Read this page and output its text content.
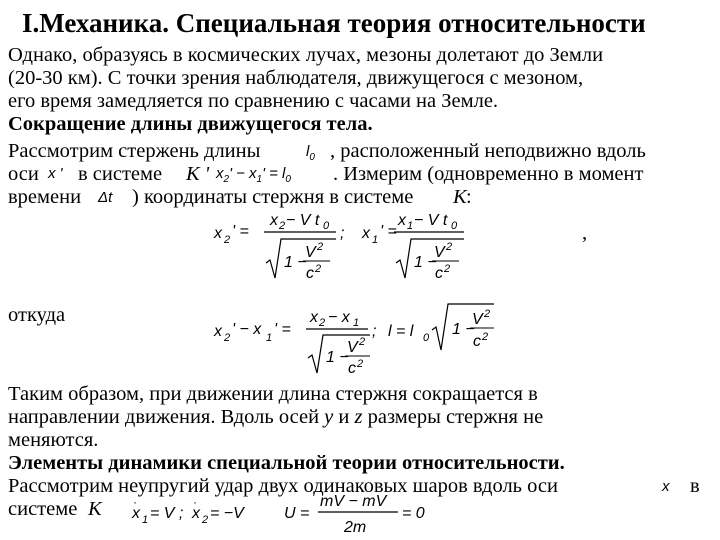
I.Механика. Специальная теория относительности
Однако, образуясь в космических лучах, мезоны долетают до Земли
(20-30 км). С точки зрения наблюдателя, движущегося с мезоном,
его время замедляется по сравнению с часами на Земле.
Сокращение длины движущегося тела.
Рассмотрим стержень длины	$l_0$ , расположенный неподвижно вдоль
оси x ' в системе K ' $x_2' - x_1' = l_0$ . Измерим (одновременно в момент
времени Δt ) координаты стержня в системе K :
x 2 ' =
x 2 − V t 0
1 −
V 2
c 2
; x 1 ' =
x 1 − V t 0
1 −
V 2
c 2
,
откуда
x 2 ' − x 1 ' =
x 2 − x 1
1 −
V 2
c 2
; l = l 0 1 −
V 2
c 2
Таким образом, при движении длина стержня сокращается в
направлении движения. Вдоль осей y и z размеры стержня не
меняются.
Элементы динамики специальной теории относительности.
Рассмотрим неупругий удар двух одинаковых шаров вдоль оси	x в
системе K x
·
1 = V ; x
·
2 = −V	U =
mV − mV
2m
= 0
